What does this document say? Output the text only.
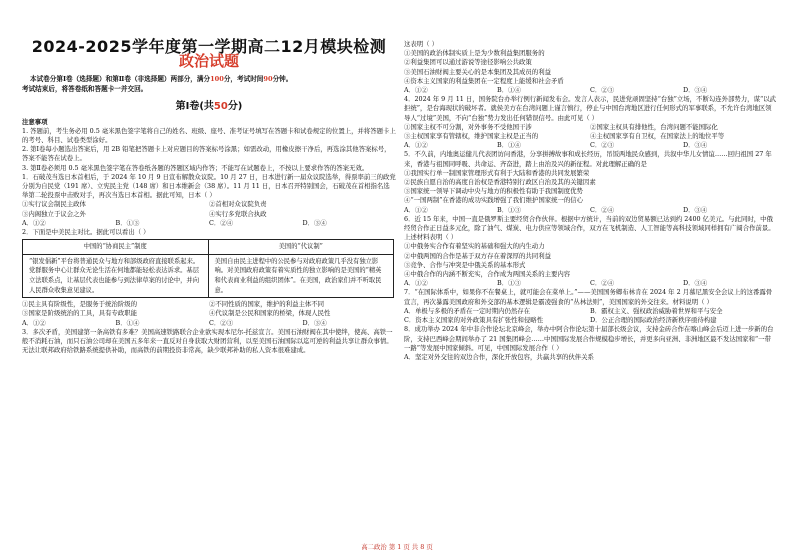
2024-2025学年度第一学期高二12月模块检测
政治试题

本试卷分第Ⅰ卷（选择题）和第Ⅱ卷（非选择题）两部分，满分100分，考试时间90分钟。

考试结束后，将答卷纸和答题卡一并交回。

第Ⅰ卷(共50分)

注意事项

1. 答题前，考生务必用 0.5 毫米黑色签字笔将自己的姓名、班级、座号、准考证号填写在答题卡和试卷规定的位置上，并将答题卡上的考号、科目、试卷类型涂好。

2. 第Ⅰ卷每小题选出答案后，用 2B 铅笔把答题卡上对应题目的答案标号涂黑；如需改动，用橡皮擦干净后，再选涂其他答案标号，答案不能答在试卷上。

3. 第Ⅱ卷必须用 0.5 毫米黑色签字笔在答卷纸各题的答题区域内作答；不能写在试题卷上，不按以上要求作答的答案无效。

1．石破茂当选日本首相后，于 2024 年 10 月 9 日宣布解散众议院。10 月 27 日，日本进行新一届众议院选举，得票率前三的政党分别为自民党（191 席）、立宪民主党（148 席）和日本维新会（38 席）。11 月 11 日，日本召开特别国会，石破茂在首相指名选举第二轮投票中击败对手，再次当选日本首相。据此可知，日本（ ）

①实行议会制民主政体	②首相对众议院负责
③内阁独立于议会之外	④实行多党联合执政
A．①②	B．①③	C．②④	D．③④

2．下面是中美民主对比。据此可以看出（ ）

中国的“协商民主”制度	美国的“代议制”
“银发倡新”平台将普通民众与地方和部级政府直接联系起来。党群服务中心让群众无论生活在何地都能轻松表达诉求。基层立法联系点，让基层代表也能参与到法律草案的讨论中，并向人民群众收集意见建议。	美国自由民主进程中的公民参与对政府政策几乎没有独立影响。对美国政府政策有着实质性的独立影响的是美国的“精英和代表商业利益的组织团体”。在美国，政治家们并不听取民意。
①民主具有阶级性，是服务于统治阶级的	②不同性质的国家，维护的利益主体不同
③国家是阶级统治的工具，具有专政职能	④代议制是公民和国家的桥梁，体现人民性
A．①②	B．①④	C．②③	D．③④

3．多次矛盾，美国建第一条高铁有多难？美国高速铁路联合企业欲实现本尼尔-托兹宣言。美国石油财阀在其中使绊，使高、高铁一般不消耗石油，而只石油公司却在美国五多年来一直反对自身获取大财团营利，以至美国石油国际以迄可逆的利益共享让群众事情。无法让联邦政府给铁路系统提供补助，而高铁的前期投资非常高，缺少联邦补助的私人资本很难建成。

这表明（ ）

①美国的政治体制实质上是为少数利益集团服务的

②利益集团可以通过游说等途径影响公共政策

③美国石油财阀主要关心的是本集团及其成员的利益

④资本主义国家的利益集团在一定程度上能缓和社会矛盾

A．①②	B．①④	C．②③	D．③④

4．2024 年 9 月 11 日，国务院台办举行例行新闻发布会。发言人表示，民进党顽固坚持“台独”立场，不断勾连外部势力，谋“以武拒统”，是台海现状的破坏者。就侯美方在台湾问题上谨言慎行，停止与中国台湾地区进行任何形式的军事联系，不允许台湾地区领导人“过境”美国，不向“台独”势力发出任何错误信号。由此可见（ ）

①国家主权不可分割，对外事务不受他国干涉	②国家主权具有排他性，台湾问题不能国际化
③主权国家享有管辖权，维护国家主权是正当的	④主权国家享有自卫权，在国家法上的地位平等
A．①②	B．①④	C．②③	D．③④

5．不久前，内地奥运健儿代表团访问香港，分享拼搏故事和成长经历，吊饭两地民众感到，共叙中华儿女情谊……回归祖国 27 年来，香港与祖国同呼吸、共命运、齐奋进，踏上由治及兴的新征程。对此理解正确的是

①我国实行单一制国家管理形式有利于大陆和香港的共同发展繁荣

②民族自愿自治的高度自治权是香港特别行政区自治及其的关键因素

③国家统一领导下调动中央与地方的积极性有助于我国制度优势

④“一国两制”在香港的成功实践增强了我们维护国家统一的信心

A．①②	B．①③	C．②④	D．③④

6．近 15 年来，中国一直是俄罗斯主要经贸合作伙伴。根据中方统计，当前的双边贸易额已达到约 2400 亿美元。与此同时，中俄经贸合作正日益多元化，除了油气、煤炭、电力供应等领域合作，双方在飞机制造、人工智能等高科技领域同样拥有广阔合作前景。上述材料表明（ ）

①中俄务实合作有着坚实的基础和强大的内生动力

②中俄两国的合作是基于双方存在着深厚的共同利益

③竞争、合作与冲突是中俄关系的基本形式

④中俄合作的内涵不断充实，合作成为两国关系的主要内容

A．①②	B．①③	C．②④	D．③④

7．“在国际体系中，如果你不在餐桌上，就可能会在菜单上。”——美国国务卿布林肯在 2024 年 2 月慕尼黑安全会议上的这番露骨宣言，再次暴露美国政府和外交部的基本逻辑是霸凌强食的“丛林法则”，美国国家的外交往来。材料说明（ ）

A．单极与多极的矛盾在一定时期内仍然存在	B．霸权主义、强权政治威胁着世界和平与安全
C．资本主义国家的对外政策具有扩张性和侵略性	D．公正合理的国际政治经济新秩序亟待构建

8．成功举办 2024 年中非合作论坛北京峰会，举办中阿合作论坛第十届部长级会议，支持金砖合作在喀山峰会后迈上进一步新的台阶，支持巴西峰会期间举办了 21 国集团峰会……中国国际发展合作规模稳步增长，并更多向亚洲、非洲地区最不发达国家和“一带一路”等发展中国家倾斜。可见，中国国际发展合作（ ）

A．坚定对外交往的双边合作，深化开放包容，共赢共享的伙伴关系

高二政治 第 1 页 共 8 页
